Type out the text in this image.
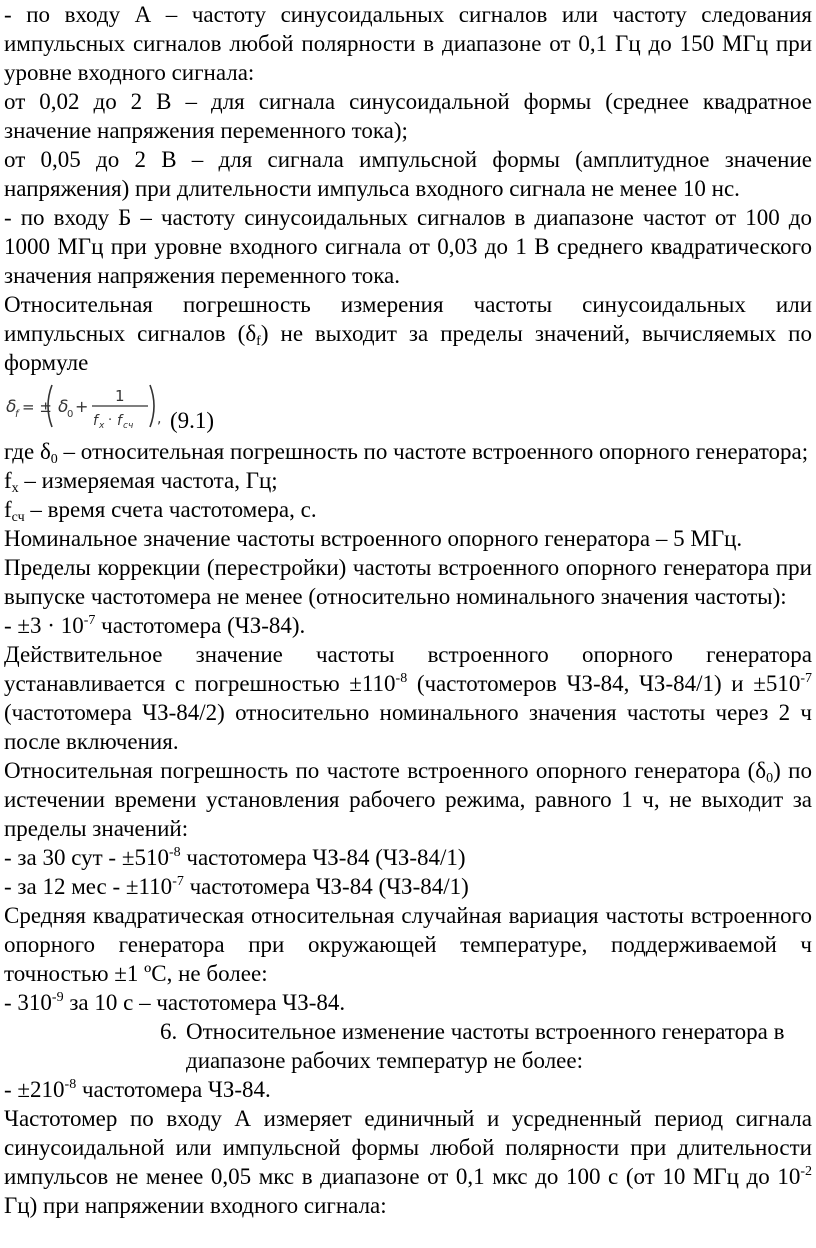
- по входу А – частоту синусоидальных сигналов или частоту следования импульсных сигналов любой полярности в диапазоне от 0,1 Гц до 150 МГц при уровне входного сигнала:

от 0,02 до 2 В – для сигнала синусоидальной формы (среднее квадратное значение напряжения переменного тока);

от 0,05 до 2 В – для сигнала импульсной формы (амплитудное значение напряжения) при длительности импульса входного сигнала не менее 10 нс.

- по входу Б – частоту синусоидальных сигналов в диапазоне частот от 100 до 1000 МГц при уровне входного сигнала от 0,03 до 1 В среднего квадратического значения напряжения переменного тока.

Относительная погрешность измерения частоты синусоидальных или импульсных сигналов $(\delta_f)$ не выходит за пределы значений, вычисляемых по формуле

δ
f = ± δ
0 +
1
f x · f сч , (9.1)

где $\delta_0$ – относительная погрешность по частоте встроенного опорного генератора;

$f_x$ – измеряемая частота, Гц;

$f_{сч}$ – время счета частотомера, с.

Номинальное значение частоты встроенного опорного генератора – 5 МГц.

Пределы коррекции (перестройки) частоты встроенного опорного генератора при выпуске частотомера не менее (относительно номинального значения частоты):

- $\pm 3 \cdot 10^{-7}$ частотомера (ЧЗ-84).

Действительное значение частоты встроенного опорного генератора устанавливается с погрешностью $\pm 110^{-8}$ (частотомеров ЧЗ-84, ЧЗ-84/1) $и \pm 510^{-7}$ (частотомера ЧЗ-84/2) относительно номинального значения частоты через 2 ч после включения.

Относительная погрешность по частоте встроенного опорного генератора $(\delta_0)$ по истечении времени установления рабочего режима, равного 1 ч, не выходит за пределы значений:

- за 30 сут - $\pm 510^{-8}$ частотомера ЧЗ-84 (ЧЗ-84/1)

- за 12 мес - $\pm 110^{-7}$ частотомера ЧЗ-84 (ЧЗ-84/1)

Средняя квадратическая относительная случайная вариация частоты встроенного опорного генератора при окружающей температуре, поддерживаемой ч точностью ±1 ºС, не более:

- $310^{-9}$ за 10 с – частотомера ЧЗ-84.

6. Относительное изменение частоты встроенного генератора в диапазоне рабочих температур не более:

- $\pm 210^{-8}$ частотомера ЧЗ-84.

Частотомер по входу А измеряет единичный и усредненный период сигнала синусоидальной или импульсной формы любой полярности при длительности импульсов не менее 0,05 мкс в диапазоне от 0,1 мкс до 100 с (от 10 МГц до $10^{-2}$ Гц) при напряжении входного сигнала:
